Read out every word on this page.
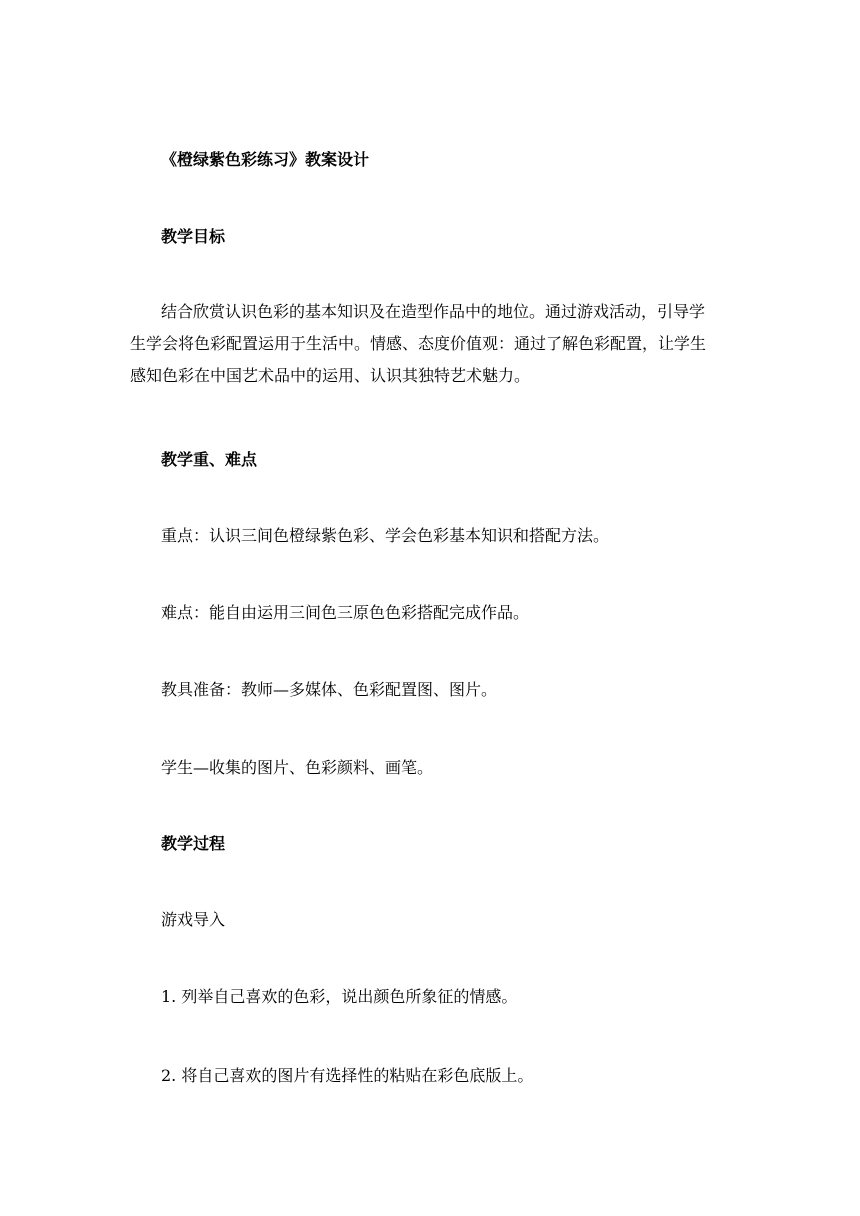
《橙绿紫色彩练习》教案设计
教学目标
结合欣赏认识色彩的基本知识及在造型作品中的地位。通过游戏活动，引导学生学会将色彩配置运用于生活中。情感、态度价值观：通过了解色彩配置，让学生感知色彩在中国艺术品中的运用、认识其独特艺术魅力。
教学重、难点
重点：认识三间色橙绿紫色彩、学会色彩基本知识和搭配方法。
难点：能自由运用三间色三原色色彩搭配完成作品。
教具准备：教师—多媒体、色彩配置图、图片。
学生—收集的图片、色彩颜料、画笔。
教学过程
游戏导入
1. 列举自己喜欢的色彩，说出颜色所象征的情感。
2. 将自己喜欢的图片有选择性的粘贴在彩色底版上。
